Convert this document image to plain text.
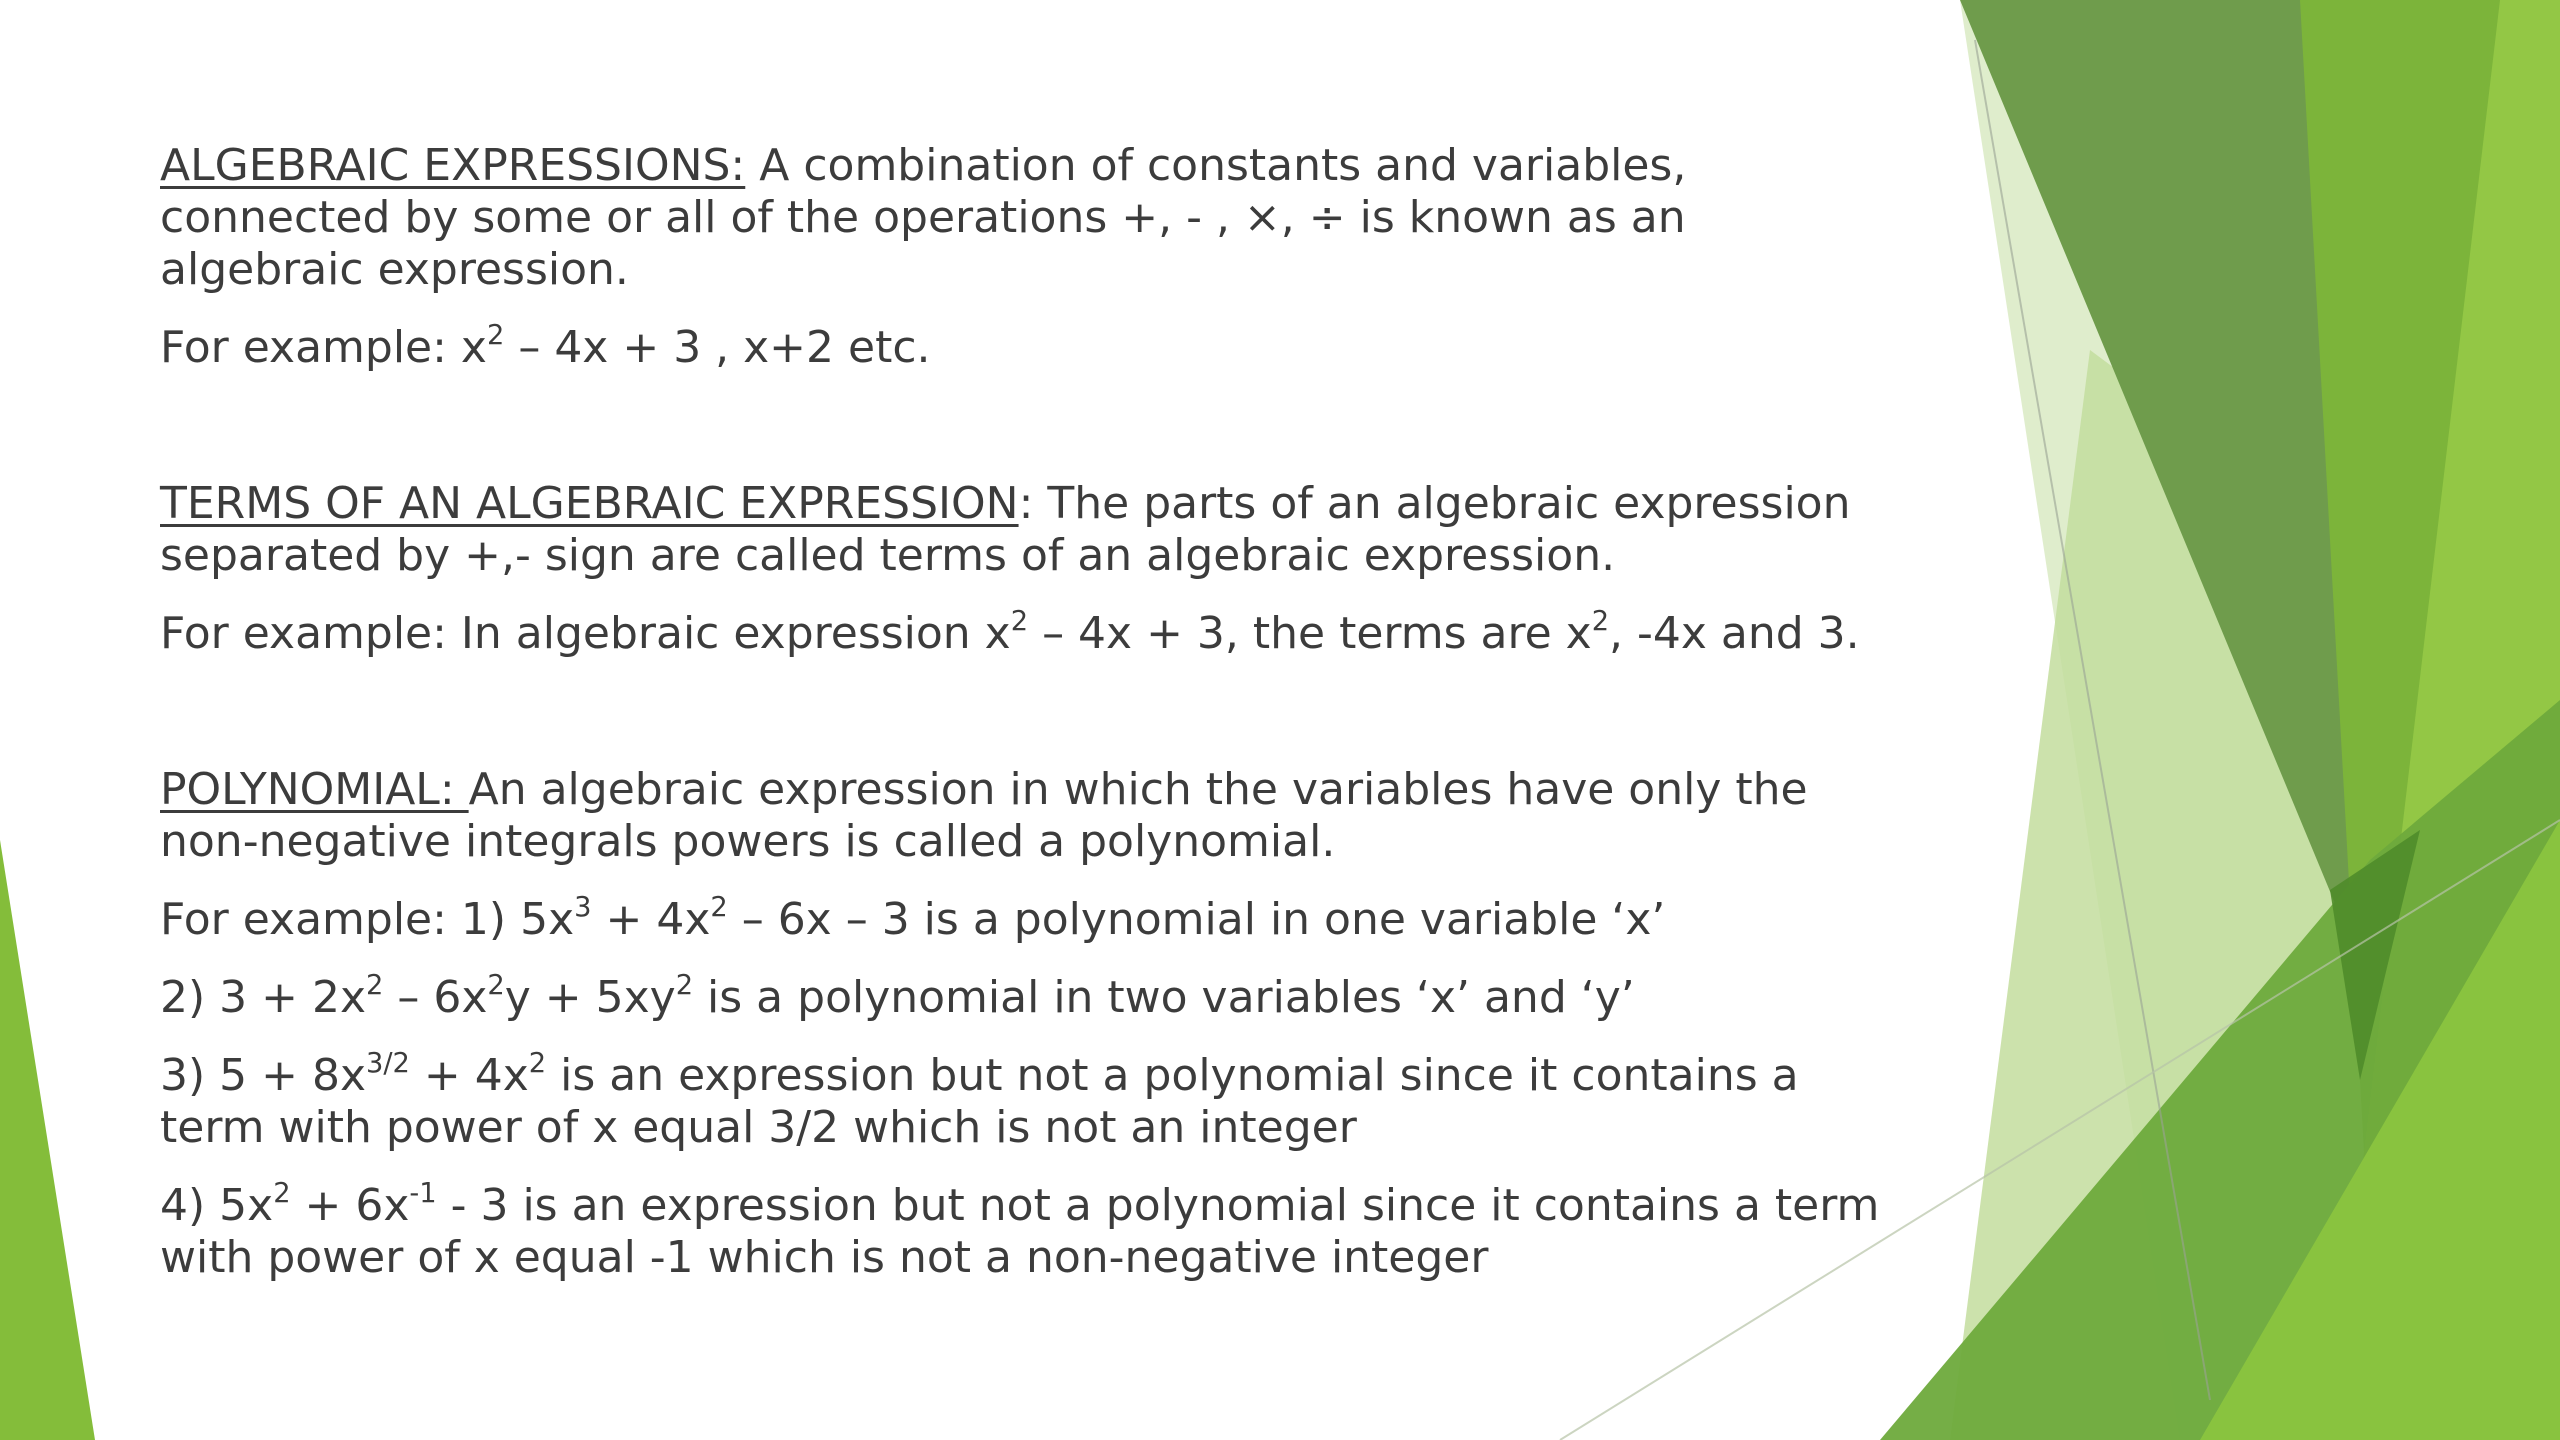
ALGEBRAIC EXPRESSIONS: A combination of constants and variables, connected by some or all of the operations +, - , ×, ÷ is known as an algebraic expression.

For example: $x^2 - 4x + 3$ , x+2 etc.

TERMS OF AN ALGEBRAIC EXPRESSION: The parts of an algebraic expression separated by +,- sign are called terms of an algebraic expression.

For example: In algebraic expression $x^2 - 4x + 3$, the terms are $x^2$, -4x and 3.

POLYNOMIAL: An algebraic expression in which the variables have only the non-negative integrals powers is called a polynomial.

For example: 1) $5x^3 + 4x^2 - 6x - 3$ is a polynomial in one variable ‘x’

2) $3 + 2x^2 - 6x^2y + 5xy^2$ is a polynomial in two variables ‘x’ and ‘y’

3) $5 + 8x^{3/2} + 4x^2$ is an expression but not a polynomial since it contains a term with power of x equal 3/2 which is not an integer

4) $5x^2 + 6x^{-1} - 3$ is an expression but not a polynomial since it contains a term with power of x equal -1 which is not a non-negative integer
